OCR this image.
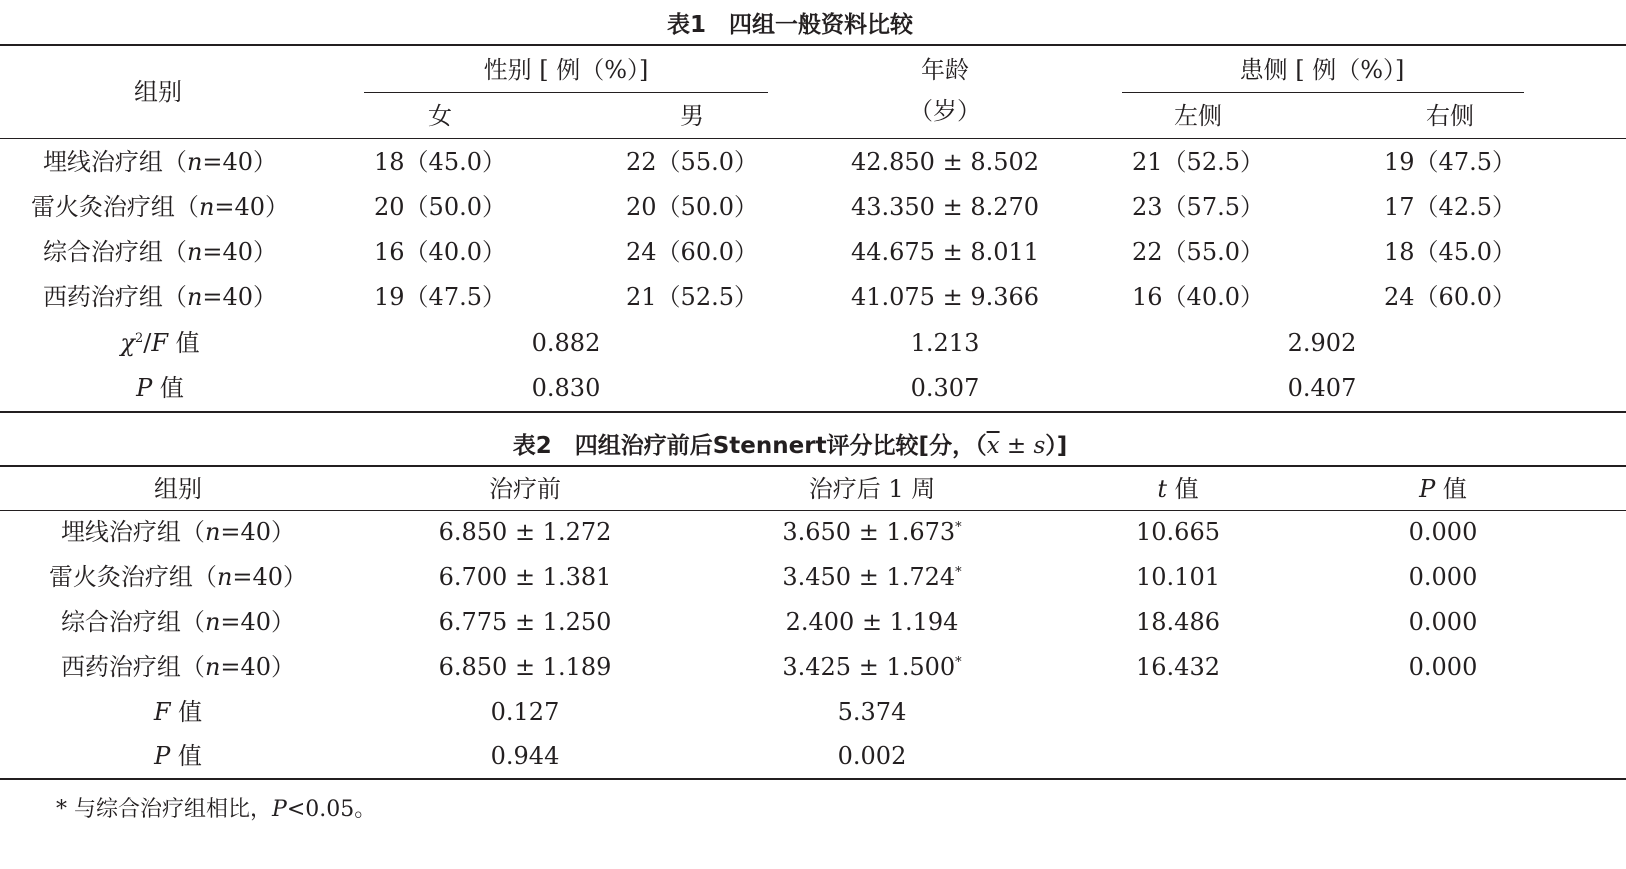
表1　四组一般资料比较
组别
性别 [ 例（%）]
女	男
年龄
（岁）
患侧 [ 例（%）]
左侧	右侧
埋线治疗组（n=40）	18（45.0）	22（55.0）	42.850 ± 8.502	21（52.5）	19（47.5）
雷火灸治疗组（n=40）	20（50.0）	20（50.0）	43.350 ± 8.270	23（57.5）	17（42.5）
综合治疗组（n=40）	16（40.0）	24（60.0）	44.675 ± 8.011	22（55.0）	18（45.0）
西药治疗组（n=40）	19（47.5）	21（52.5）	41.075 ± 9.366	16（40.0）	24（60.0）
$\chi^2/F$ 值	0.882	1.213	2.902
P 值	0.830	0.307	0.407
表2　四组治疗前后Stennert评分比较[分，$(\overline{x} \pm s)$]
组别	治疗前	治疗后 1 周	t 值	P 值
埋线治疗组（n=40）	6.850 ± 1.272	3.650 ± 1.673*	10.665	0.000
雷火灸治疗组（n=40）	6.700 ± 1.381	3.450 ± 1.724*	10.101	0.000
综合治疗组（n=40）	6.775 ± 1.250	2.400 ± 1.194	18.486	0.000
西药治疗组（n=40）	6.850 ± 1.189	3.425 ± 1.500*	16.432	0.000
F 值	0.127	5.374
P 值	0.944	0.002
* 与综合治疗组相比，P<0.05。
